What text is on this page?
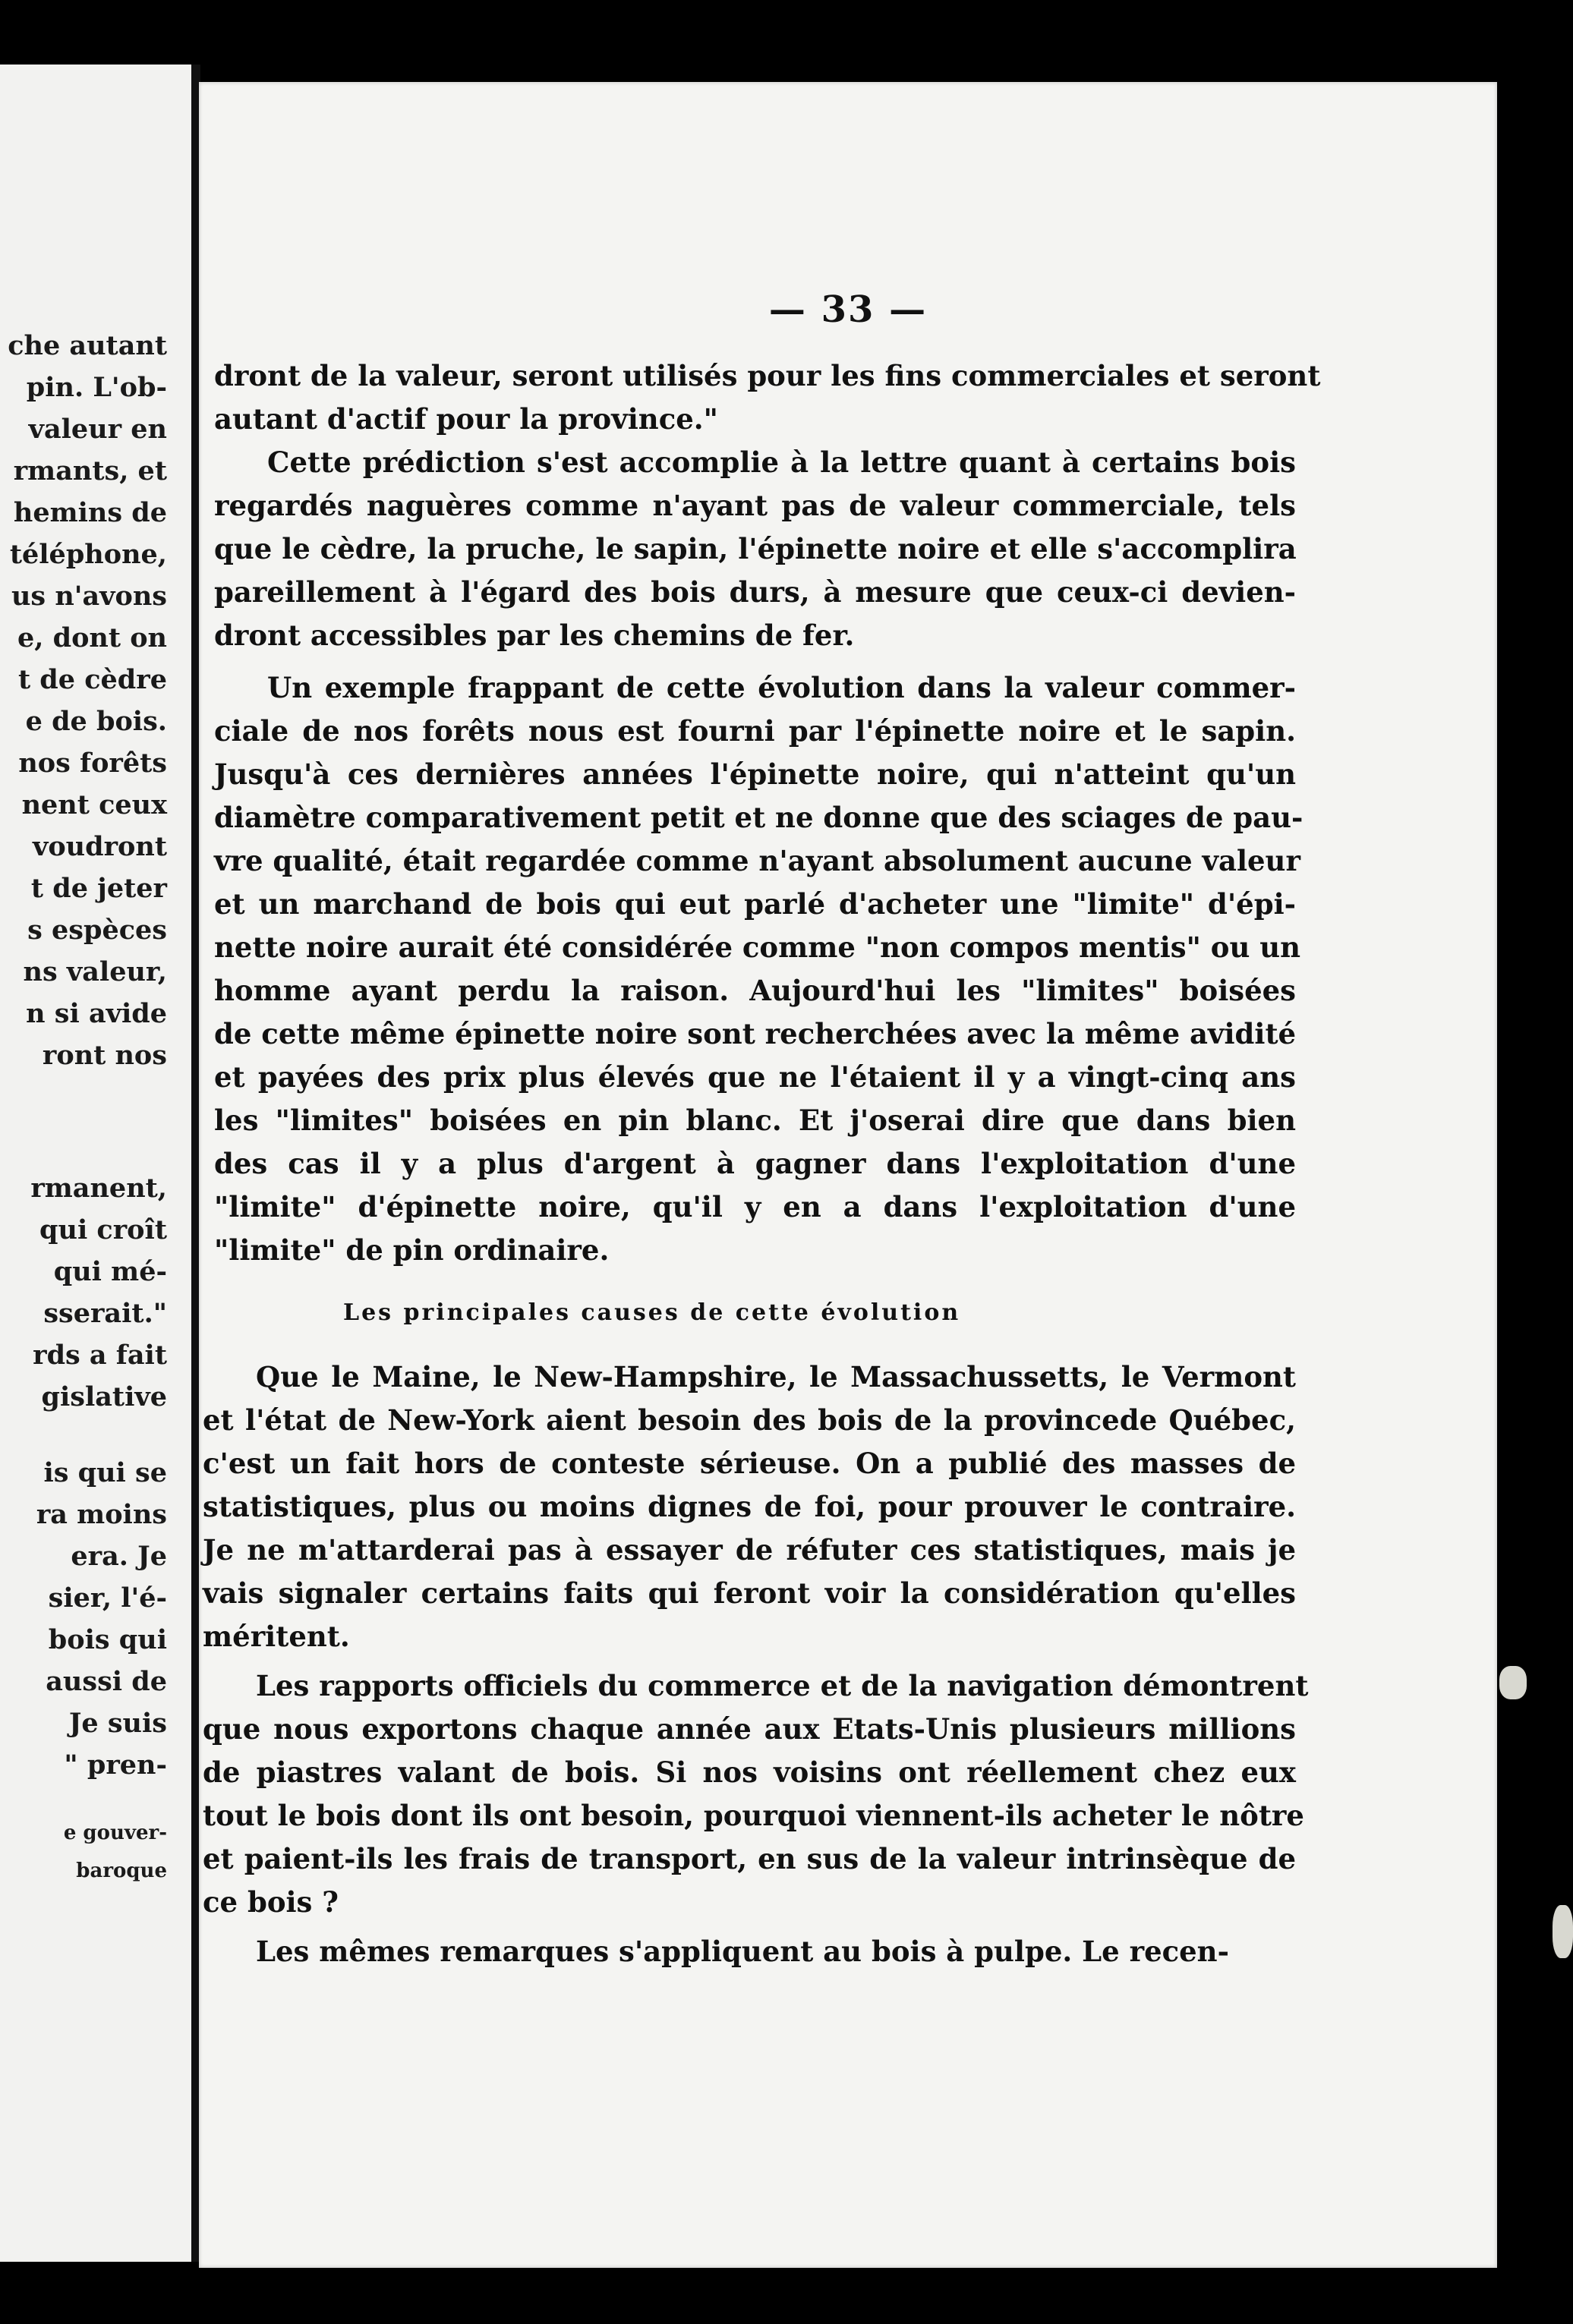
che autant
pin. L'ob-
valeur en
rmants, et
hemins de
téléphone,
us n'avons
e, dont on
t de cèdre
e de bois.
nos forêts
nent ceux
voudront
t de jeter
s espèces
ns valeur,
n si avide
ront nos
rmanent,
qui croît
qui mé-
sserait."
rds a fait
gislative
is qui se
ra moins
era. Je
sier, l'é-
bois qui
aussi de
Je suis
" pren-
e gouver-
baroque
— 33 —
dront de la valeur, seront utilisés pour les fins commerciales et seront
autant d'actif pour la province."
Cette prédiction s'est accomplie à la lettre quant à certains bois
regardés naguères comme n'ayant pas de valeur commerciale, tels
que le cèdre, la pruche, le sapin, l'épinette noire et elle s'accomplira
pareillement à l'égard des bois durs, à mesure que ceux-ci devien-
dront accessibles par les chemins de fer.
Un exemple frappant de cette évolution dans la valeur commer-
ciale de nos forêts nous est fourni par l'épinette noire et le sapin.
Jusqu'à ces dernières années l'épinette noire, qui n'atteint qu'un
diamètre comparativement petit et ne donne que des sciages de pau-
vre qualité, était regardée comme n'ayant absolument aucune valeur
et un marchand de bois qui eut parlé d'acheter une "limite" d'épi-
nette noire aurait été considérée comme "non compos mentis" ou un
homme ayant perdu la raison. Aujourd'hui les "limites" boisées
de cette même épinette noire sont recherchées avec la même avidité
et payées des prix plus élevés que ne l'étaient il y a vingt-cinq ans
les "limites" boisées en pin blanc. Et j'oserai dire que dans bien
des cas il y a plus d'argent à gagner dans l'exploitation d'une
"limite" d'épinette noire, qu'il y en a dans l'exploitation d'une
"limite" de pin ordinaire.
Les principales causes de cette évolution
Que le Maine, le New-Hampshire, le Massachussetts, le Vermont
et l'état de New-York aient besoin des bois de la provincede Québec,
c'est un fait hors de conteste sérieuse. On a publié des masses de
statistiques, plus ou moins dignes de foi, pour prouver le contraire.
Je ne m'attarderai pas à essayer de réfuter ces statistiques, mais je
vais signaler certains faits qui feront voir la considération qu'elles
méritent.
Les rapports officiels du commerce et de la navigation démontrent
que nous exportons chaque année aux Etats-Unis plusieurs millions
de piastres valant de bois. Si nos voisins ont réellement chez eux
tout le bois dont ils ont besoin, pourquoi viennent-ils acheter le nôtre
et paient-ils les frais de transport, en sus de la valeur intrinsèque de
ce bois ?
Les mêmes remarques s'appliquent au bois à pulpe. Le recen-
